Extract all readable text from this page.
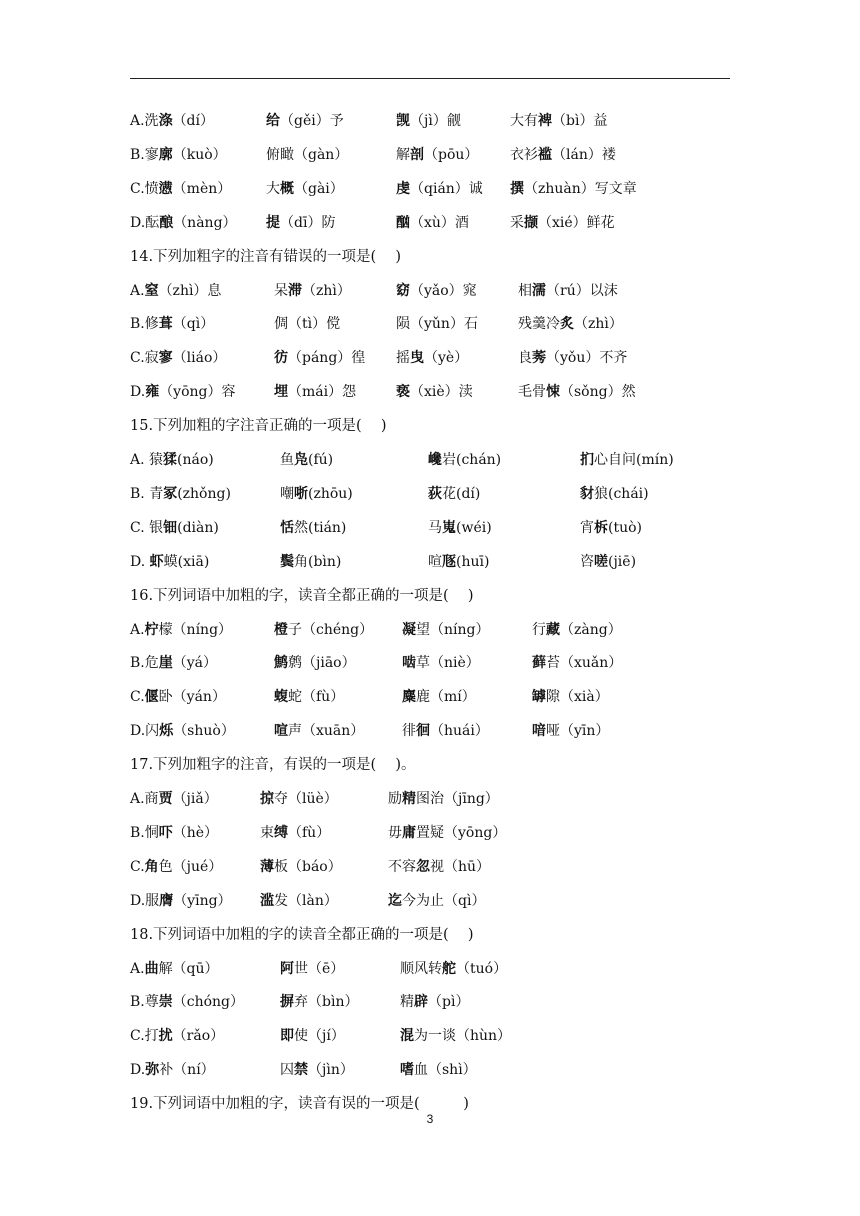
A.洗涤（dí）	给（gěi）予	觊（jì）觎	大有裨（bì）益
B.寥廓（kuò）	俯瞰（gàn）	解剖（pōu） 衣衫褴（lán）褛
C.愤懑（mèn） 大概（gài）	虔（qián）诚 撰（zhuàn）写文章
D.酝酿（nàng） 提（dī）防	酗（xù）酒	采撷（xié）鲜花
14.下列加粗字的注音有错误的一项是(　 )
A.窒（zhì）息	呆滞（zhì）	窈（yǎo）窕	相濡（rú）以沫
B.修葺（qì）	倜（tì）傥	陨（yǔn）石	残羹冷炙（zhì）
C.寂寥（liáo）	彷（páng）徨 摇曳（yè）	良莠（yǒu）不齐
D.雍（yōng）容	埋（mái）怨	亵（xiè）渎	毛骨悚（sǒng）然
15.下列加粗的字注音正确的一项是(　 )
A. 猿猱(náo)	鱼凫(fú)	巉岩(chán)	扪心自问(mín)
B. 青冢(zhǒng)	嘲哳(zhōu)	荻花(dí)	豺狼(chái)
C. 银钿(diàn)	恬然(tián)	马嵬(wéi)	宵柝(tuò)
D. 虾蟆(xiā)	鬓角(bìn)	喧豗(huī)	咨嗟(jiē)
16.下列词语中加粗的字，读音全都正确的一项是(　 )
A.柠檬（níng）	橙子（chéng） 凝望（níng）	行藏（zàng）
B.危崖（yá）	鹪鹩（jiāo）	啮草（niè）	藓苔（xuǎn）
C.偃卧（yán）	蝮蛇（fù）	麋鹿（mí）	罅隙（xià）
D.闪烁（shuò）	喧声（xuān）	徘徊（huái）	喑哑（yīn）
17.下列加粗字的注音，有误的一项是(　 )。
A.商贾（jiǎ）	掠夺（lüè）	励精图治（jīng）
B.恫吓（hè）	束缚（fù）	毋庸置疑（yōng）
C.角色（jué）	薄板（báo）	不容忽视（hū）
D.服膺（yīng） 滥发（làn）	迄今为止（qì）
18.下列词语中加粗的字的读音全都正确的一项是(　 )
A.曲解（qū）	阿世（ē）	顺风转舵（tuó）
B.尊崇（chóng）	摒弃（bìn）	精辟（pì）
C.打扰（rǎo）	即使（jí）	混为一谈（hùn）
D.弥补（ní）	囚禁（jìn）	嗜血（shì）
19.下列词语中加粗的字，读音有误的一项是(　　　)
3
